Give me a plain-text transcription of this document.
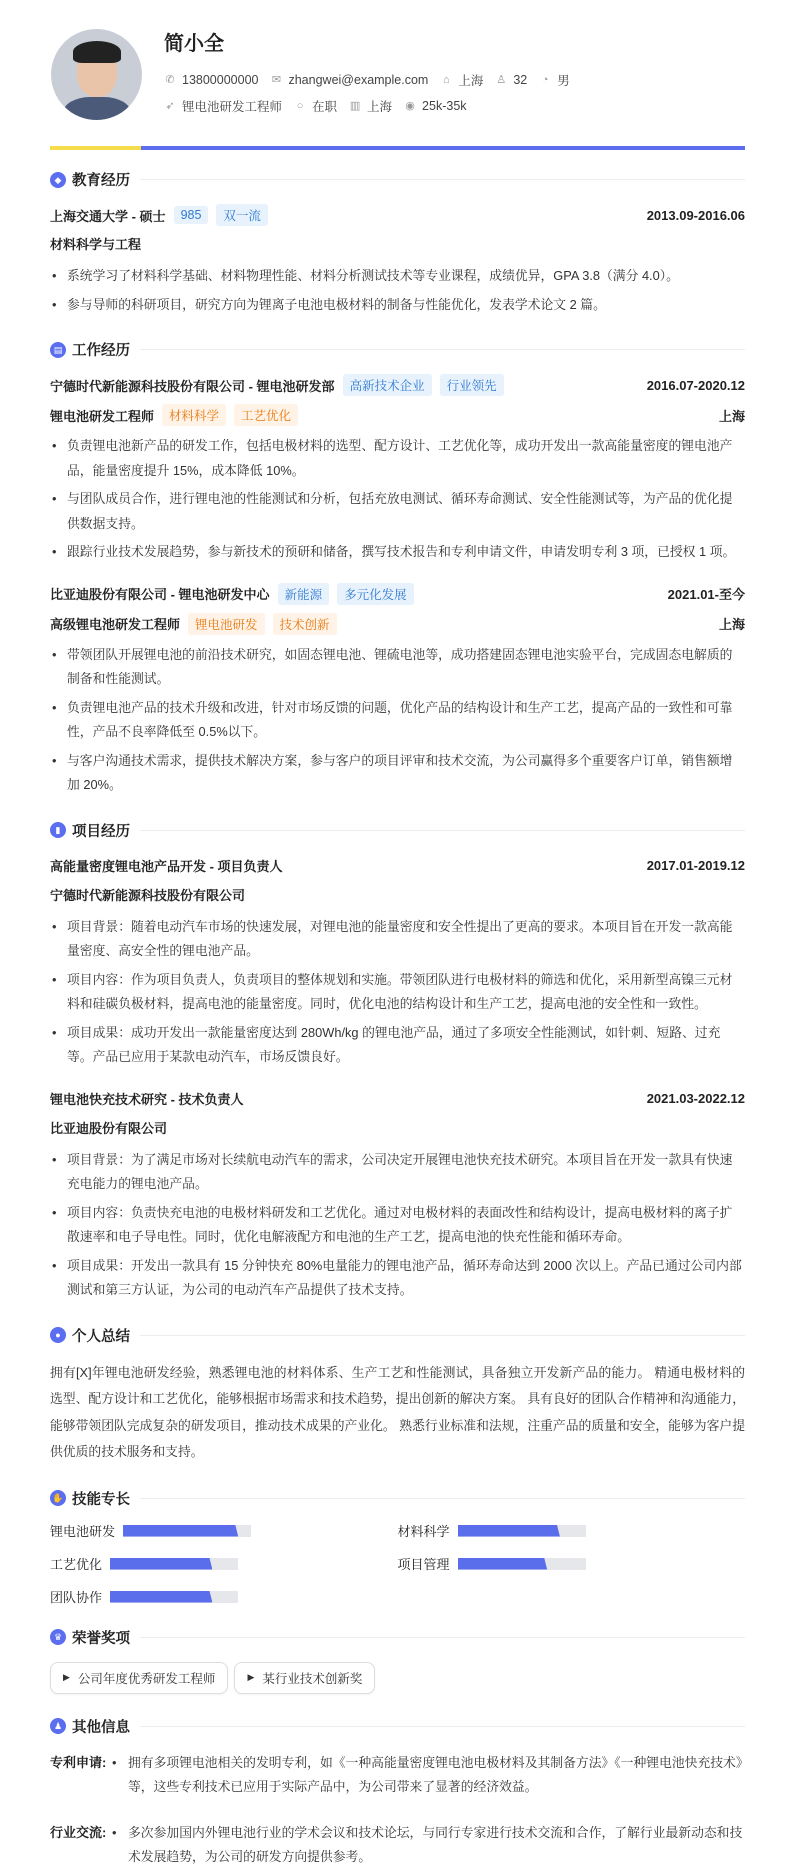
简小全
✆ 13800000000 ✉ zhangwei@example.com ⌂ 上海 ♙ 32 ◔ 男
➶ 锂电池研发工程师 ○ 在职 ▥ 上海 ◉ 25k-35k
◆ 教育经历
上海交通大学 - 硕士	985	双一流	2013.09-2016.06
材料科学与工程
• 系统学习了材料科学基础、材料物理性能、材料分析测试技术等专业课程，成绩优异，GPA 3.8（满分 4.0）。
• 参与导师的科研项目，研究方向为锂离子电池电极材料的制备与性能优化，发表学术论文 2 篇。
▤ 工作经历
宁德时代新能源科技股份有限公司 - 锂电池研发部	高新技术企业	行业领先	2016.07-2020.12
锂电池研发工程师	材料科学	工艺优化	上海
• 负责锂电池新产品的研发工作，包括电极材料的选型、配方设计、工艺优化等，成功开发出一款高能量密度的锂电池产品，能量密度提升 15%，成本降低 10%。
• 与团队成员合作，进行锂电池的性能测试和分析，包括充放电测试、循环寿命测试、安全性能测试等，为产品的优化提供数据支持。
• 跟踪行业技术发展趋势，参与新技术的预研和储备，撰写技术报告和专利申请文件，申请发明专利 3 项，已授权 1 项。
比亚迪股份有限公司 - 锂电池研发中心	新能源	多元化发展	2021.01-至今
高级锂电池研发工程师	锂电池研发	技术创新	上海
• 带领团队开展锂电池的前沿技术研究，如固态锂电池、锂硫电池等，成功搭建固态锂电池实验平台，完成固态电解质的制备和性能测试。
• 负责锂电池产品的技术升级和改进，针对市场反馈的问题，优化产品的结构设计和生产工艺，提高产品的一致性和可靠性，产品不良率降低至 0.5%以下。
• 与客户沟通技术需求，提供技术解决方案，参与客户的项目评审和技术交流，为公司赢得多个重要客户订单，销售额增加 20%。
▮ 项目经历
高能量密度锂电池产品开发 - 项目负责人	2017.01-2019.12
宁德时代新能源科技股份有限公司
• 项目背景：随着电动汽车市场的快速发展，对锂电池的能量密度和安全性提出了更高的要求。本项目旨在开发一款高能量密度、高安全性的锂电池产品。
• 项目内容：作为项目负责人，负责项目的整体规划和实施。带领团队进行电极材料的筛选和优化，采用新型高镍三元材料和硅碳负极材料，提高电池的能量密度。同时，优化电池的结构设计和生产工艺，提高电池的安全性和一致性。
• 项目成果：成功开发出一款能量密度达到 280Wh/kg 的锂电池产品，通过了多项安全性能测试，如针刺、短路、过充等。产品已应用于某款电动汽车，市场反馈良好。
锂电池快充技术研究 - 技术负责人	2021.03-2022.12
比亚迪股份有限公司
• 项目背景：为了满足市场对长续航电动汽车的需求，公司决定开展锂电池快充技术研究。本项目旨在开发一款具有快速充电能力的锂电池产品。
• 项目内容：负责快充电池的电极材料研发和工艺优化。通过对电极材料的表面改性和结构设计，提高电极材料的离子扩散速率和电子导电性。同时，优化电解液配方和电池的生产工艺，提高电池的快充性能和循环寿命。
• 项目成果：开发出一款具有 15 分钟快充 80%电量能力的锂电池产品，循环寿命达到 2000 次以上。产品已通过公司内部测试和第三方认证，为公司的电动汽车产品提供了技术支持。
● 个人总结
拥有[X]年锂电池研发经验，熟悉锂电池的材料体系、生产工艺和性能测试，具备独立开发新产品的能力。 精通电极材料的选型、配方设计和工艺优化，能够根据市场需求和技术趋势，提出创新的解决方案。 具有良好的团队合作精神和沟通能力，能够带领团队完成复杂的研发项目，推动技术成果的产业化。 熟悉行业标准和法规，注重产品的质量和安全，能够为客户提供优质的技术服务和支持。
✋ 技能专长
锂电池研发	材料科学
工艺优化	项目管理
团队协作
♛ 荣誉奖项
▶ 公司年度优秀研发工程师	▶ 某行业技术创新奖
♟ 其他信息
专利申请:	• 拥有多项锂电池相关的发明专利，如《一种高能量密度锂电池电极材料及其制备方法》《一种锂电池快充技术》等，这些专利技术已应用于实际产品中，为公司带来了显著的经济效益。
行业交流:	• 多次参加国内外锂电池行业的学术会议和技术论坛，与同行专家进行技术交流和合作，了解行业最新动态和技术发展趋势，为公司的研发方向提供参考。
